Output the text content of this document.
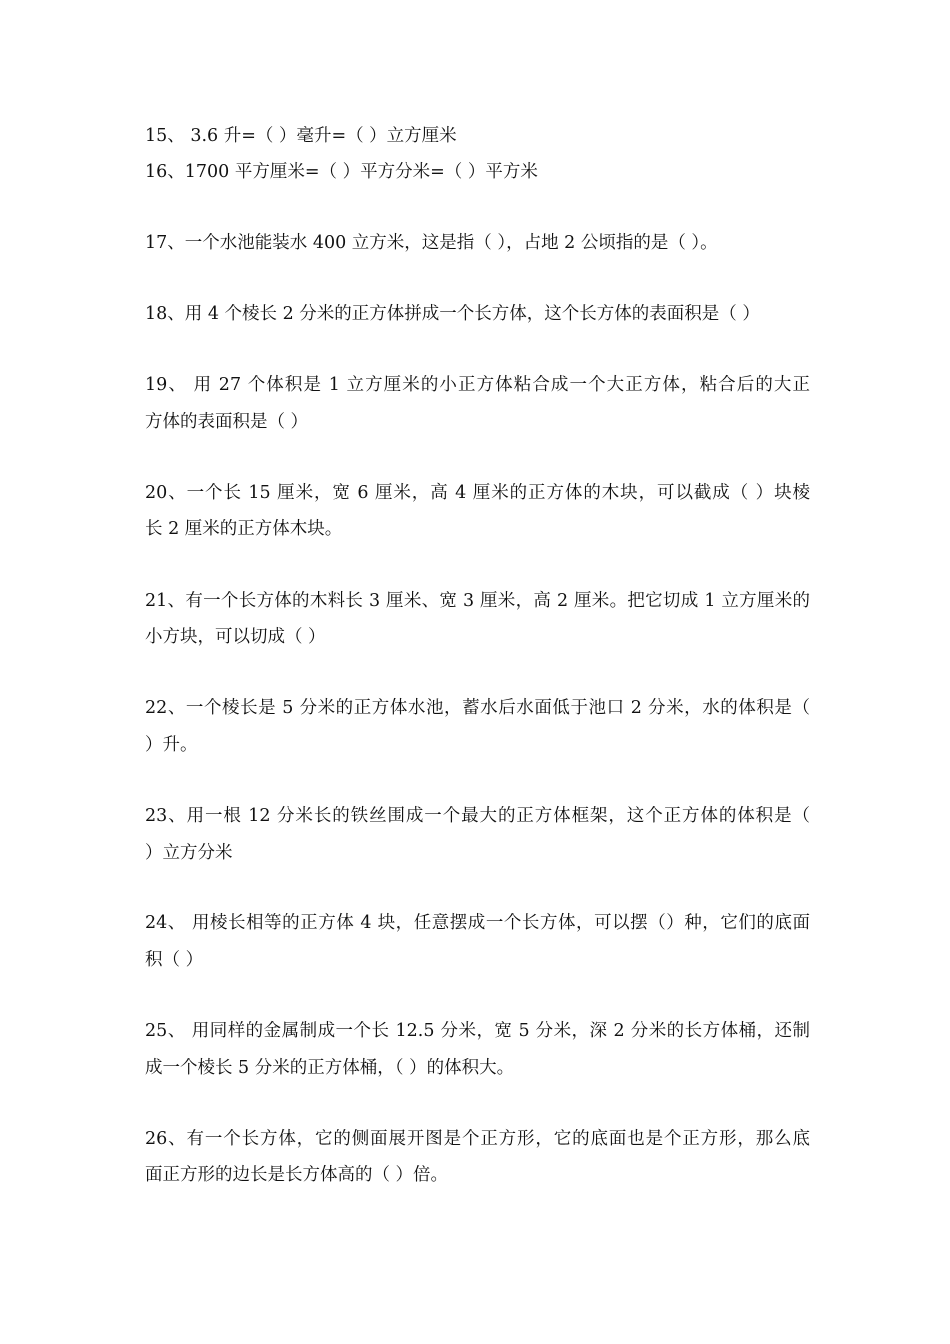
15、 3.6 升=（ ）毫升=（ ）立方厘米
16、1700 平方厘米=（ ）平方分米=（ ）平方米
17、一个水池能装水 400 立方米，这是指（ ），占地 2 公顷指的是（ ）。
18、用 4 个棱长 2 分米的正方体拼成一个长方体，这个长方体的表面积是（ ）
19、 用 27 个体积是 1 立方厘米的小正方体粘合成一个大正方体，粘合后的大正
方体的表面积是（ ）
20、一个长 15 厘米，宽 6 厘米，高 4 厘米的正方体的木块，可以截成（ ）块棱
长 2 厘米的正方体木块。
21、有一个长方体的木料长 3 厘米、宽 3 厘米，高 2 厘米。把它切成 1 立方厘米的
小方块，可以切成（ ）
22、一个棱长是 5 分米的正方体水池，蓄水后水面低于池口 2 分米，水的体积是（
）升。
23、用一根 12 分米长的铁丝围成一个最大的正方体框架，这个正方体的体积是（
）立方分米
24、 用棱长相等的正方体 4 块，任意摆成一个长方体，可以摆（）种，它们的底面
积（ ）
25、 用同样的金属制成一个长 12.5 分米，宽 5 分米，深 2 分米的长方体桶，还制
成一个棱长 5 分米的正方体桶，（ ）的体积大。
26、有一个长方体，它的侧面展开图是个正方形，它的底面也是个正方形，那么底
面正方形的边长是长方体高的（ ）倍。
